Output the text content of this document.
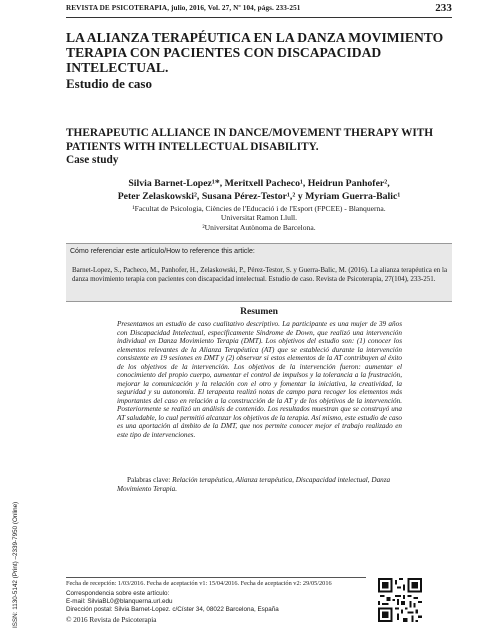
REVISTA DE PSICOTERAPIA, julio, 2016, Vol. 27, Nº 104, págs. 233-251	233
LA ALIANZA TERAPÉUTICA EN LA DANZA MOVIMIENTO TERAPIA CON PACIENTES CON DISCAPACIDAD INTELECTUAL.
Estudio de caso
THERAPEUTIC ALLIANCE IN DANCE/MOVEMENT THERAPY WITH PATIENTS WITH INTELLECTUAL DISABILITY.
Case study
Silvia Barnet-Lopez¹*, Meritxell Pacheco¹, Heidrun Panhofer²,
Peter Zelaskowski², Susana Pérez-Testor¹,² y Myriam Guerra-Balic¹
¹Facultat de Psicologia, Ciències de l'Educació i de l'Esport (FPCEE) - Blanquerna.
Universitat Ramon Llull.
²Universitat Autònoma de Barcelona.
Cómo referenciar este artículo/How to reference this article:
Barnet-Lopez, S., Pacheco, M., Panhofer, H., Zelaskowski, P., Pérez-Testor, S. y Guerra-Balic, M. (2016). La alianza terapéutica en la danza movimiento terapia con pacientes con discapacidad intelectual. Estudio de caso. Revista de Psicoterapia, 27(104), 233-251.
Resumen
Presentamos un estudio de caso cualitativo descriptivo. La participante es una mujer de 39 años con Discapacidad Intelectual, específicamente Síndrome de Down, que realizó una intervención individual en Danza Movimiento Terapia (DMT). Los objetivos del estudio son: (1) conocer los elementos relevantes de la Alianza Terapéutica (AT) que se estableció durante la intervención consistente en 19 sesiones en DMT y (2) observar si estos elementos de la AT contribuyen al éxito de los objetivos de la intervención. Los objetivos de la intervención fueron: aumentar el conocimiento del propio cuerpo, aumentar el control de impulsos y la tolerancia a la frustración, mejorar la comunicación y la relación con el otro y fomentar la iniciativa, la creatividad, la seguridad y su autonomía. El terapeuta realizó notas de campo para recoger los elementos más importantes del caso en relación a la construcción de la AT y de los objetivos de la intervención. Posteriormente se realizó un análisis de contenido. Los resultados muestran que se construyó una AT saludable, lo cual permitió alcanzar los objetivos de la terapia. Así mismo, este estudio de caso es una aportación al ámbito de la DMT, que nos permite conocer mejor el trabajo realizado en este tipo de intervenciones.
Palabras clave: Relación terapéutica, Alianza terapéutica, Discapacidad intelectual, Danza Movimiento Terapia.
Fecha de recepción: 1/03/2016. Fecha de aceptación v1: 15/04/2016. Fecha de aceptación v2: 29/05/2016
Correspondencia sobre este artículo:
E-mail: SilviaBL0@blanquerna.url.edu
Dirección postal: Silvia Barnet-Lopez. c/Císter 34, 08022 Barcelona, España
© 2016 Revista de Psicoterapia
ISSN: 1130-5142 (Print) –2339-7950 (Online)
